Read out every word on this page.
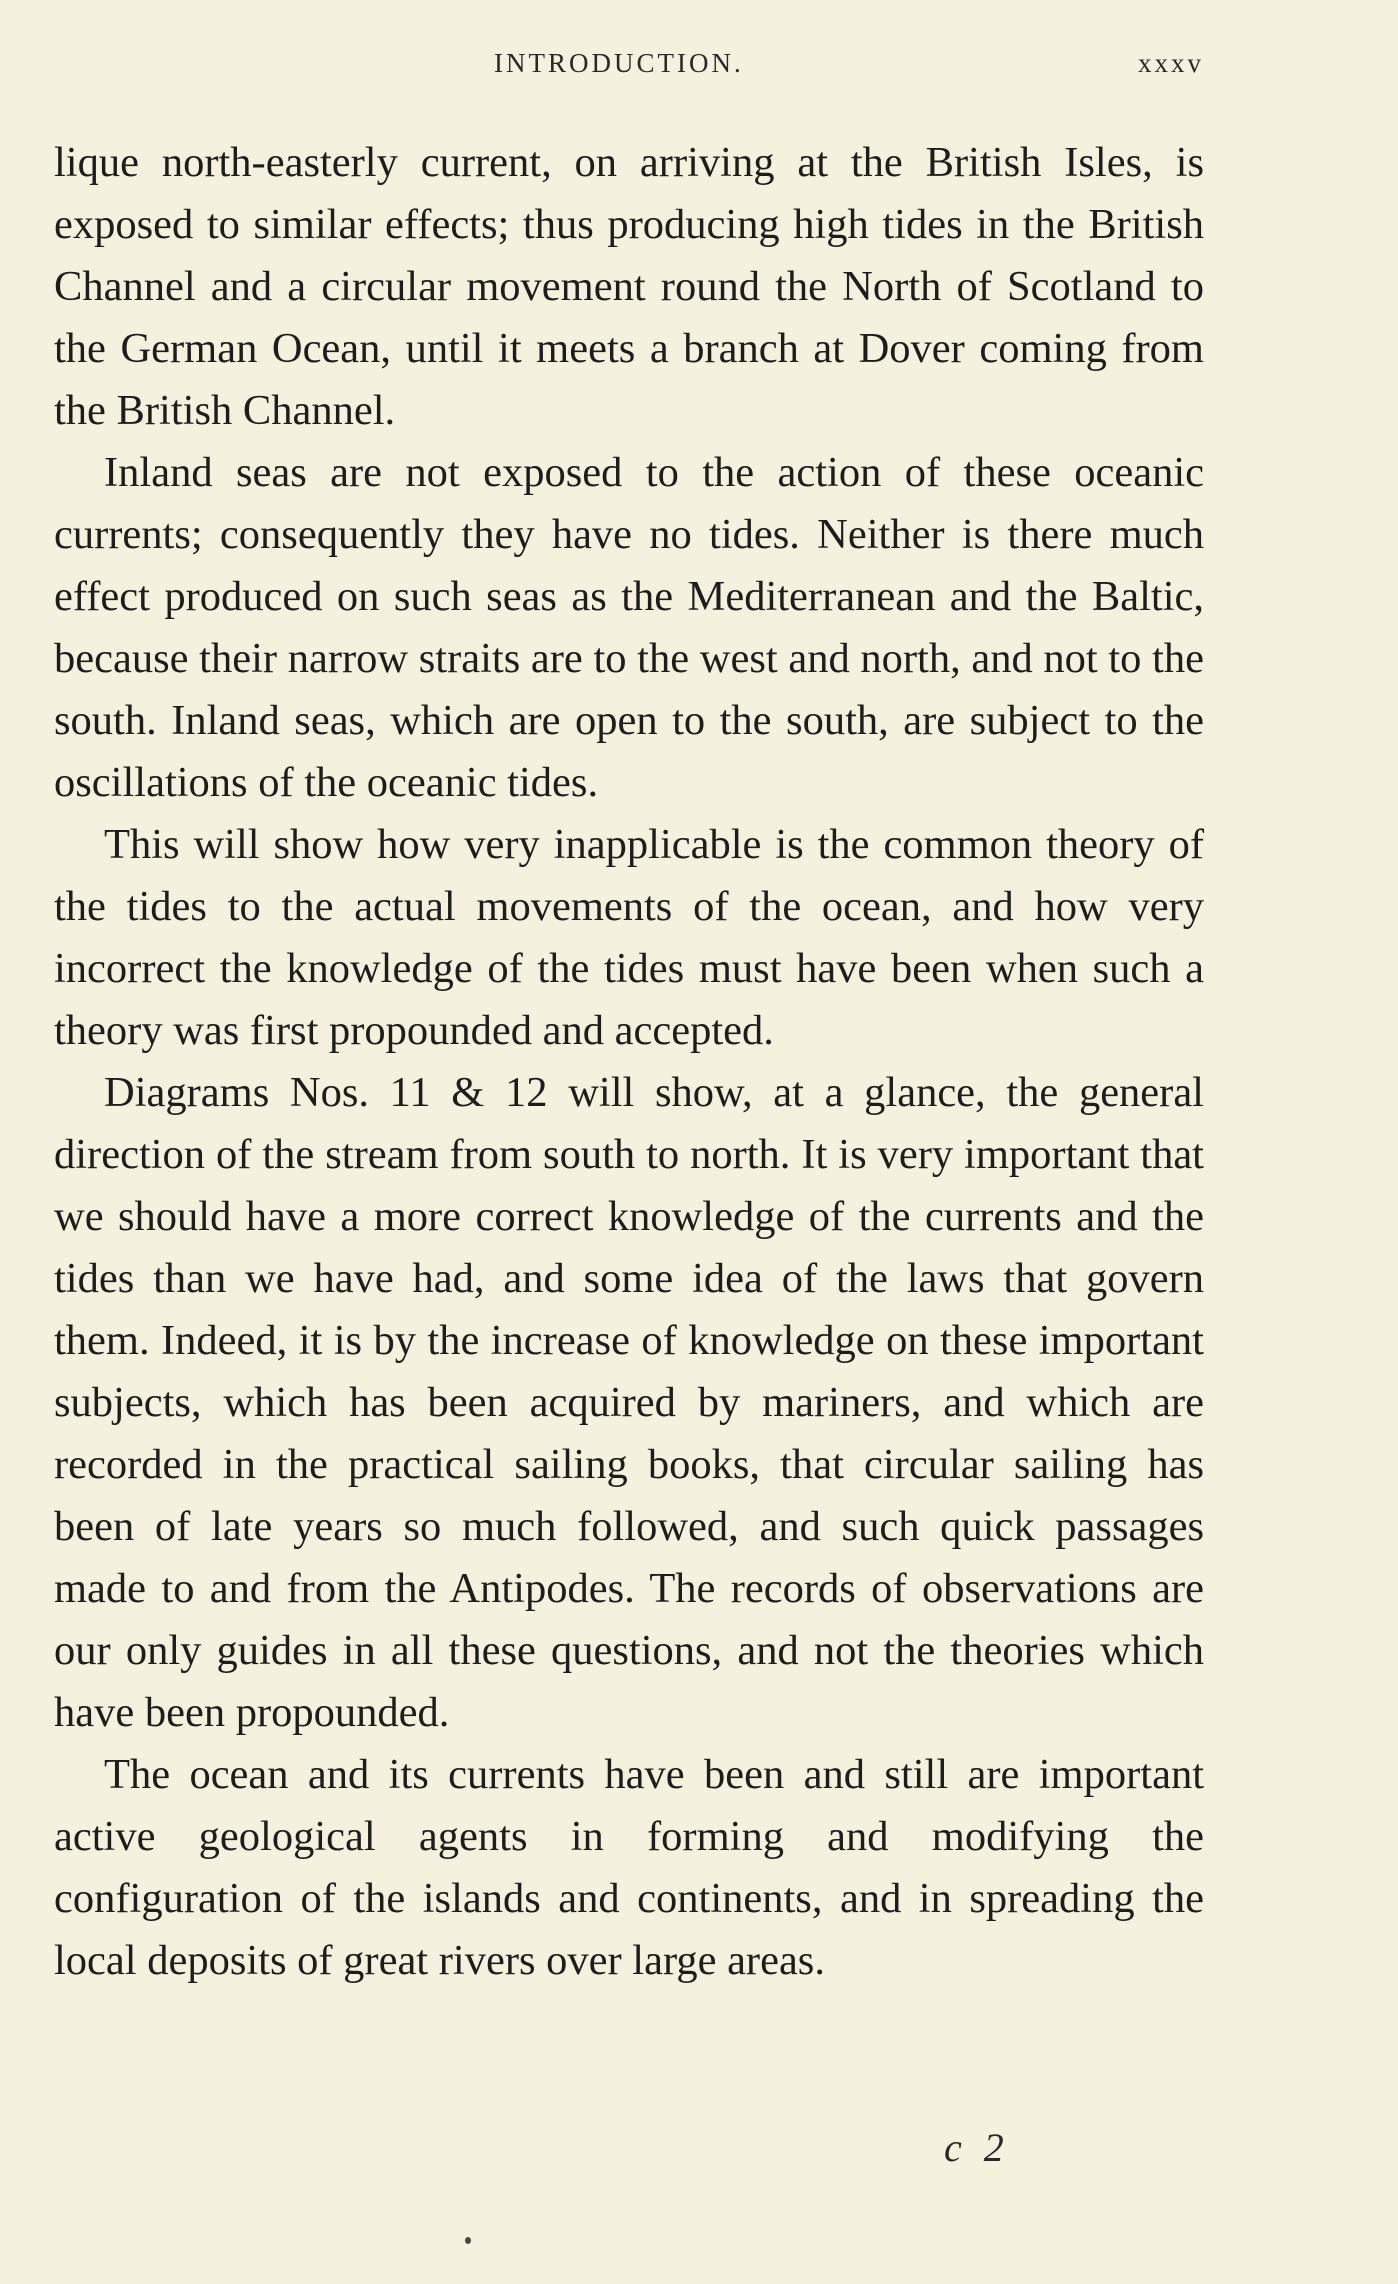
INTRODUCTION.	xxxv

lique north-easterly current, on arriving at the British Isles, is exposed to similar effects; thus producing high tides in the British Channel and a circular movement round the North of Scotland to the German Ocean, until it meets a branch at Dover coming from the British Channel.

Inland seas are not exposed to the action of these oceanic currents; consequently they have no tides. Neither is there much effect produced on such seas as the Mediterranean and the Baltic, because their narrow straits are to the west and north, and not to the south. Inland seas, which are open to the south, are subject to the oscillations of the oceanic tides.

This will show how very inapplicable is the common theory of the tides to the actual movements of the ocean, and how very incorrect the knowledge of the tides must have been when such a theory was first propounded and accepted.

Diagrams Nos. 11 & 12 will show, at a glance, the general direction of the stream from south to north. It is very important that we should have a more correct knowledge of the currents and the tides than we have had, and some idea of the laws that govern them. Indeed, it is by the increase of knowledge on these important subjects, which has been acquired by mariners, and which are recorded in the practical sailing books, that circular sailing has been of late years so much followed, and such quick passages made to and from the Antipodes. The records of observations are our only guides in all these questions, and not the theories which have been propounded.

The ocean and its currents have been and still are important active geological agents in forming and modifying the configuration of the islands and continents, and in spreading the local deposits of great rivers over large areas.

c 2
